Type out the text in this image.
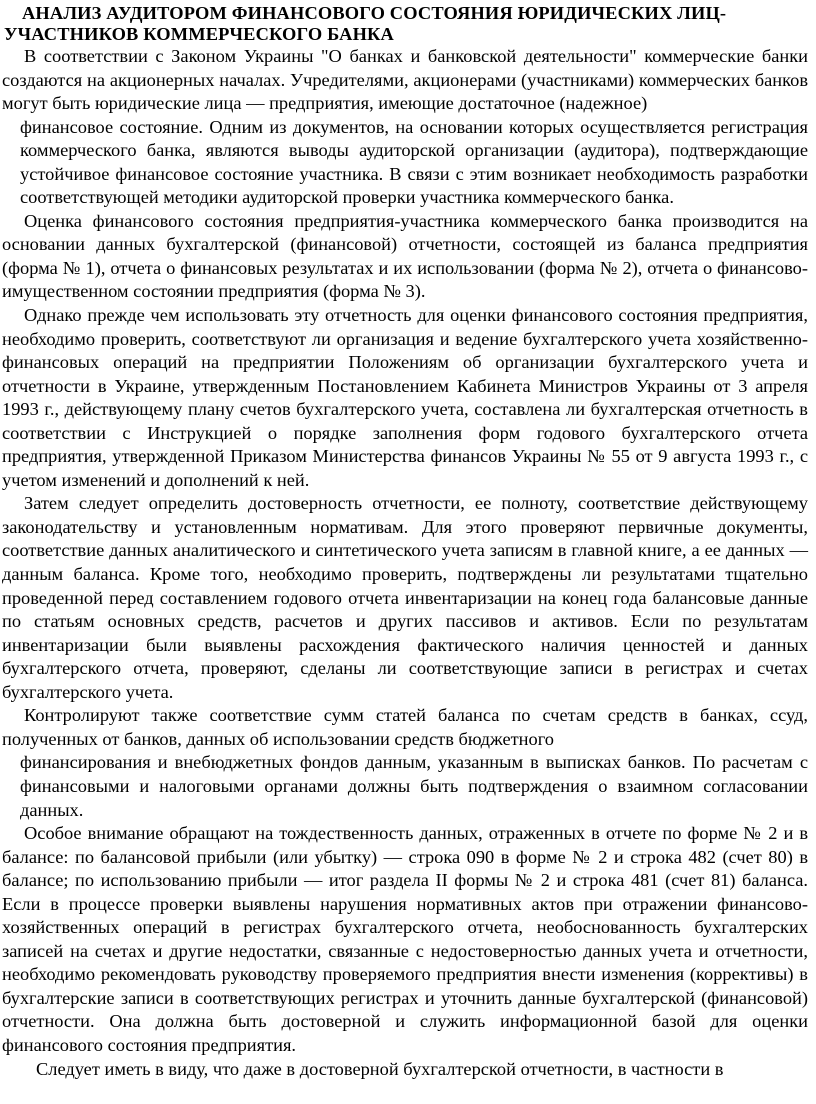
АНАЛИЗ АУДИТОРОМ ФИНАНСОВОГО СОСТОЯНИЯ ЮРИДИЧЕСКИХ ЛИЦ-
УЧАСТНИКОВ КОММЕРЧЕСКОГО БАНКА

В соответствии с Законом Украины "О банках и банковской деятельности" коммерческие банки создаются на акционерных началах. Учредителями, акционерами (участниками) коммерческих банков могут быть юридические лица — предприятия, имеющие достаточное (надежное)

финансовое состояние. Одним из документов, на основании которых осуществляется регистрация коммерческого банка, являются выводы аудиторской организации (аудитора), подтверждающие устойчивое финансовое состояние участника. В связи с этим возникает необходимость разработки соответствующей методики аудиторской проверки участника коммерческого банка.

Оценка финансового состояния предприятия-участника коммерческого банка производится на основании данных бухгалтерской (финансовой) отчетности, состоящей из баланса предприятия (форма № 1), отчета о финансовых результатах и их использовании (форма № 2), отчета о финансово-имущественном состоянии предприятия (форма № 3).

Однако прежде чем использовать эту отчетность для оценки финансового состояния предприятия, необходимо проверить, соответствуют ли организация и ведение бухгалтерского учета хозяйственно-финансовых операций на предприятии Положениям об организации бухгалтерского учета и отчетности в Украине, утвержденным Постановлением Кабинета Министров Украины от 3 апреля 1993 г., действующему плану счетов бухгалтерского учета, составлена ли бухгалтерская отчетность в соответствии с Инструкцией о порядке заполнения форм годового бухгалтерского отчета предприятия, утвержденной Приказом Министерства финансов Украины № 55 от 9 августа 1993 г., с учетом изменений и дополнений к ней.

Затем следует определить достоверность отчетности, ее полноту, соответствие действующему законодательству и установленным нормативам. Для этого проверяют первичные документы, соответствие данных аналитического и синтетического учета записям в главной книге, а ее данных — данным баланса. Кроме того, необходимо проверить, подтверждены ли результатами тщательно проведенной перед составлением годового отчета инвентаризации на конец года балансовые данные по статьям основных средств, расчетов и других пассивов и активов. Если по результатам инвентаризации были выявлены расхождения фактического наличия ценностей и данных бухгалтерского отчета, проверяют, сделаны ли соответствующие записи в регистрах и счетах бухгалтерского учета.

Контролируют также соответствие сумм статей баланса по счетам средств в банках, ссуд, полученных от банков, данных об использовании средств бюджетного

финансирования и внебюджетных фондов данным, указанным в выписках банков. По расчетам с финансовыми и налоговыми органами должны быть подтверждения о взаимном согласовании данных.

Особое внимание обращают на тождественность данных, отраженных в отчете по форме № 2 и в балансе: по балансовой прибыли (или убытку) — строка 090 в форме № 2 и строка 482 (счет 80) в балансе; по использованию прибыли — итог раздела II формы № 2 и строка 481 (счет 81) баланса. Если в процессе проверки выявлены нарушения нормативных актов при отражении финансово-хозяйственных операций в регистрах бухгалтерского отчета, необоснованность бухгалтерских записей на счетах и другие недостатки, связанные с недостоверностью данных учета и отчетности, необходимо рекомендовать руководству проверяемого предприятия внести изменения (коррективы) в бухгалтерские записи в соответствующих регистрах и уточнить данные бухгалтерской (финансовой) отчетности. Она должна быть достоверной и служить информационной базой для оценки финансового состояния предприятия.

Следует иметь в виду, что даже в достоверной бухгалтерской отчетности, в частности в
